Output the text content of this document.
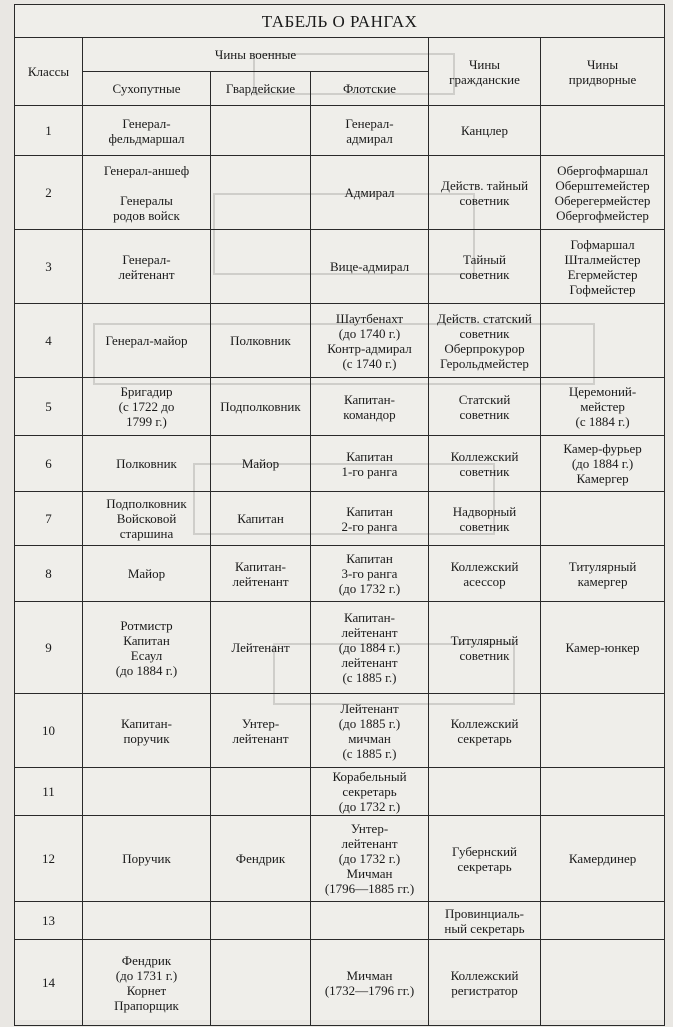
ТАБЕЛЬ О РАНГАХ					
Классы	Чины военные			Чины
гражданские	Чины
придворные
	Сухопутные	Гвардейские	Флотские		
1	Генерал-
фельдмаршал		Генерал-
адмирал	Канцлер	
2	Генерал-аншеф

Генералы
родов войск		Адмирал	Действ. тайный
советник	Обергофмаршал
Оберштемейстер
Оберегермейстер
Обергофмейстер
3	Генерал-
лейтенант		Вице-адмирал	Тайный
советник	Гофмаршал
Шталмейстер
Егермейстер
Гофмейстер
4	Генерал-майор	Полковник	Шаутбенахт
(до 1740 г.)
Контр-адмирал
(с 1740 г.)	Действ. статский
советник
Оберпрокурор
Герольдмейстер	
5	Бригадир
(с 1722 до
1799 г.)	Подполковник	Капитан-
командор	Статский
советник	Церемоний-
мейстер
(с 1884 г.)
6	Полковник	Майор	Капитан
1-го ранга	Коллежский
советник	Камер-фурьер
(до 1884 г.)
Камергер
7	Подполковник
Войсковой
старшина	Капитан	Капитан
2-го ранга	Надворный
советник	
8	Майор	Капитан-
лейтенант	Капитан
3-го ранга
(до 1732 г.)	Коллежский
асессор	Титулярный
камергер
9	Ротмистр
Капитан
Есаул
(до 1884 г.)	Лейтенант	Капитан-
лейтенант
(до 1884 г.)
лейтенант
(с 1885 г.)	Титулярный
советник	Камер-юнкер
10	Капитан-
поручик	Унтер-
лейтенант	Лейтенант
(до 1885 г.)
мичман
(с 1885 г.)	Коллежский
секретарь	
11			Корабельный
секретарь
(до 1732 г.)		
12	Поручик	Фендрик	Унтер-
лейтенант
(до 1732 г.)
Мичман
(1796—1885 гг.)	Губернский
секретарь	Камердинер
13				Провинциаль-
ный секретарь	
14	Фендрик
(до 1731 г.)
Корнет
Прапорщик		Мичман
(1732—1796 гг.)	Коллежский
регистратор	
